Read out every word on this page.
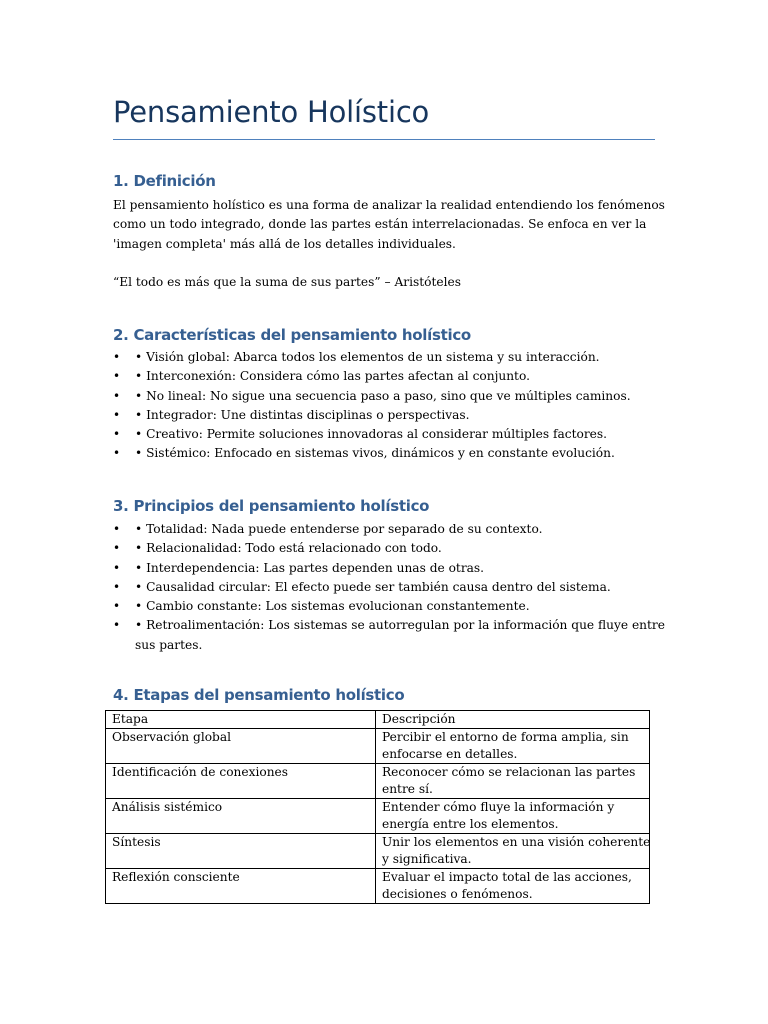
Pensamiento Holístico
1. Definición
El pensamiento holístico es una forma de analizar la realidad entendiendo los fenómenos
como un todo integrado, donde las partes están interrelacionadas. Se enfoca en ver la
'imagen completa' más allá de los detalles individuales.
“El todo es más que la suma de sus partes” – Aristóteles
2. Características del pensamiento holístico
• • Visión global: Abarca todos los elementos de un sistema y su interacción.
• • Interconexión: Considera cómo las partes afectan al conjunto.
• • No lineal: No sigue una secuencia paso a paso, sino que ve múltiples caminos.
• • Integrador: Une distintas disciplinas o perspectivas.
• • Creativo: Permite soluciones innovadoras al considerar múltiples factores.
• • Sistémico: Enfocado en sistemas vivos, dinámicos y en constante evolución.
3. Principios del pensamiento holístico
• • Totalidad: Nada puede entenderse por separado de su contexto.
• • Relacionalidad: Todo está relacionado con todo.
• • Interdependencia: Las partes dependen unas de otras.
• • Causalidad circular: El efecto puede ser también causa dentro del sistema.
• • Cambio constante: Los sistemas evolucionan constantemente.
• • Retroalimentación: Los sistemas se autorregulan por la información que fluye entre
sus partes.
4. Etapas del pensamiento holístico
Etapa	Descripción
Observación global	Percibir el entorno de forma amplia, sin
enfocarse en detalles.

Identificación de conexiones	Reconocer cómo se relacionan las partes
entre sí.

Análisis sistémico	Entender cómo fluye la información y
energía entre los elementos.

Síntesis	Unir los elementos en una visión coherente
y significativa.

Reflexión consciente	Evaluar el impacto total de las acciones,
decisiones o fenómenos.
